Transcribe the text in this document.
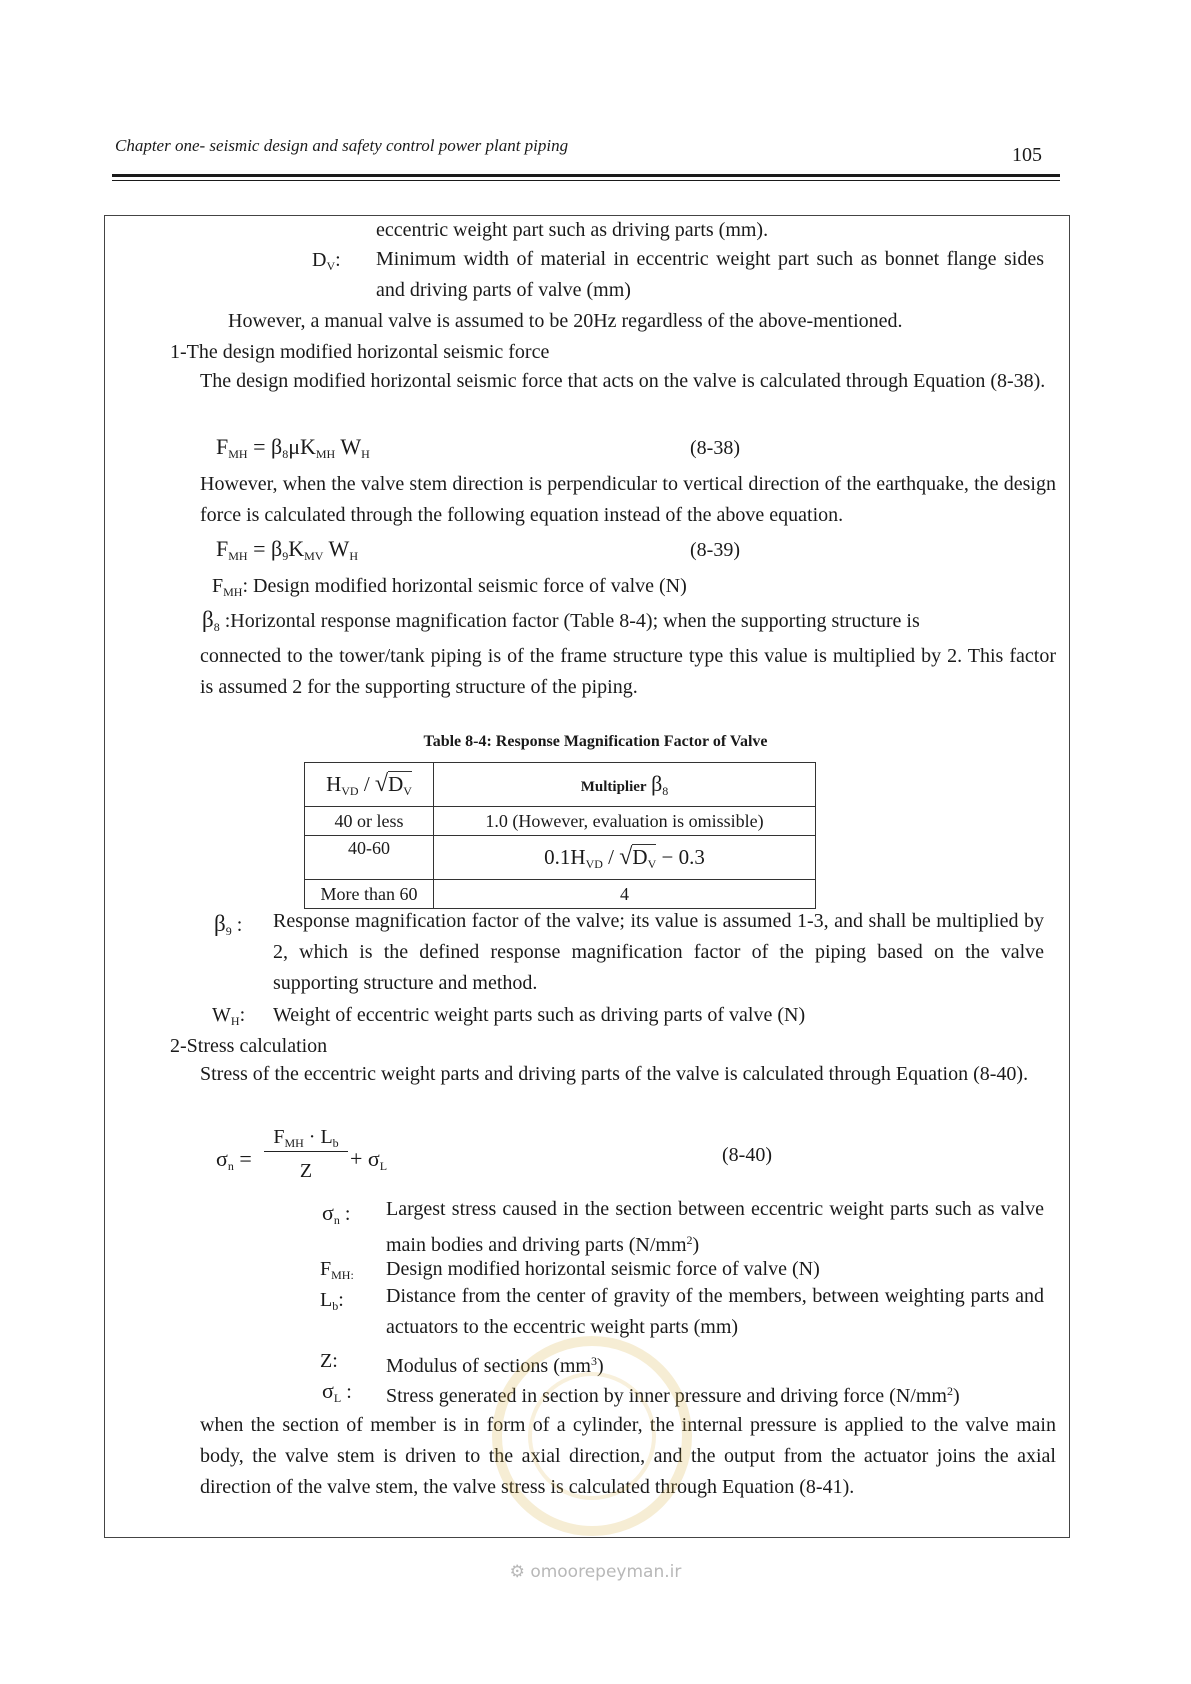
Chapter one- seismic design and safety control power plant piping	105
eccentric weight part such as driving parts (mm).
$D_V$: Minimum width of material in eccentric weight part such as bonnet flange sides and driving parts of valve (mm)
However, a manual valve is assumed to be 20Hz regardless of the above-mentioned.
1-The design modified horizontal seismic force
The design modified horizontal seismic force that acts on the valve is calculated through Equation (8-38).
$F_{MH} = \beta_8\mu K_{MH}$ $W_H$	(8-38)
However, when the valve stem direction is perpendicular to vertical direction of the earthquake, the design force is calculated through the following equation instead of the above equation.
$F_{MH} = \beta_9K_{MV}$ $W_H$	(8-39)
$F_{MH}$: Design modified horizontal seismic force of valve (N)
$\beta_8$ :Horizontal response magnification factor (Table 8-4); when the supporting structure is
connected to the tower/tank piping is of the frame structure type this value is multiplied by 2. This factor is assumed 2 for the supporting structure of the piping.
Table 8-4: Response Magnification Factor of Valve
$H_{VD} / √D_V$	Multiplier $\beta_8$
40 or less	1.0 (However, evaluation is omissible)
40-60	$0.1H_{VD} / √D_V - 0.3$
More than 60	4
$\beta_9$ : Response magnification factor of the valve; its value is assumed 1-3, and shall be multiplied by 2, which is the defined response magnification factor of the piping based on the valve supporting structure and method.
$W_H$: Weight of eccentric weight parts such as driving parts of valve (N)
2-Stress calculation
Stress of the eccentric weight parts and driving parts of the valve is calculated through Equation (8-40).
$\sigma_n$ =
$F_{MH} \cdot L_b$
Z	+ $\sigma_L$	(8-40)
$\sigma_n$ : Largest stress caused in the section between eccentric weight parts such as valve main bodies and driving parts $(N/mm^2)$
$F_{MH:}$ Design modified horizontal seismic force of valve (N)
$L_b$: Distance from the center of gravity of the members, between weighting parts and actuators to the eccentric weight parts (mm)
Z: Modulus of sections $(mm^3)$
$\sigma_L$ : Stress generated in section by inner pressure and driving force $(N/mm^2)$
when the section of member is in form of a cylinder, the internal pressure is applied to the valve main body, the valve stem is driven to the axial direction, and the output from the actuator joins the axial direction of the valve stem, the valve stress is calculated through Equation (8-41).
⚙ omoorepeyman.ir
